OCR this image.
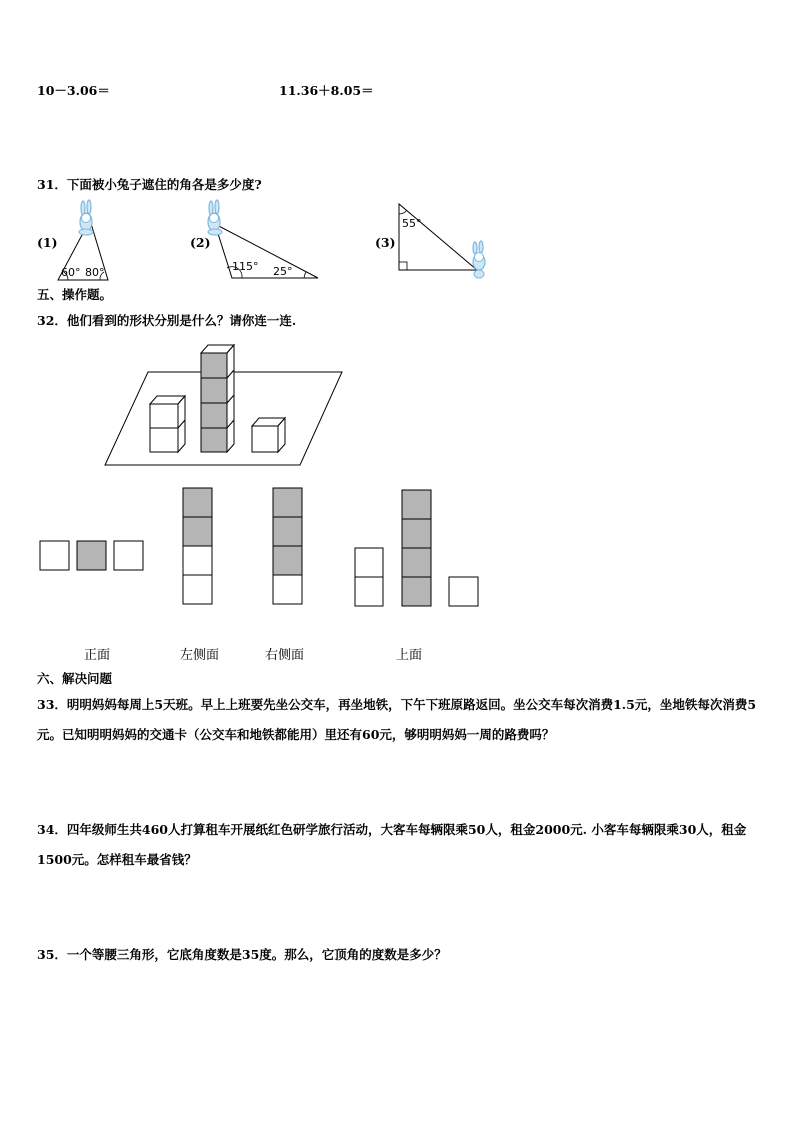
10－3.06＝	11.36＋8.05＝
31．下面被小兔子遮住的角各是多少度?
(1)	(2)	(3)
60° 80°	115° 25°
55°
五、操作题。
32．他们看到的形状分别是什么？请你连一连.
正面	左侧面	右侧面	上面
六、解决问题
33．明明妈妈每周上5天班。早上上班要先坐公交车，再坐地铁，下午下班原路返回。坐公交车每次消费1.5元，坐地铁每次消费5元。已知明明妈妈的交通卡（公交车和地铁都能用）里还有60元，够明明妈妈一周的路费吗？
34．四年级师生共460人打算租车开展纸红色研学旅行活动，大客车每辆限乘50人，租金2000元. 小客车每辆限乘30人，租金1500元。怎样租车最省钱？
35．一个等腰三角形，它底角度数是35度。那么，它顶角的度数是多少？
